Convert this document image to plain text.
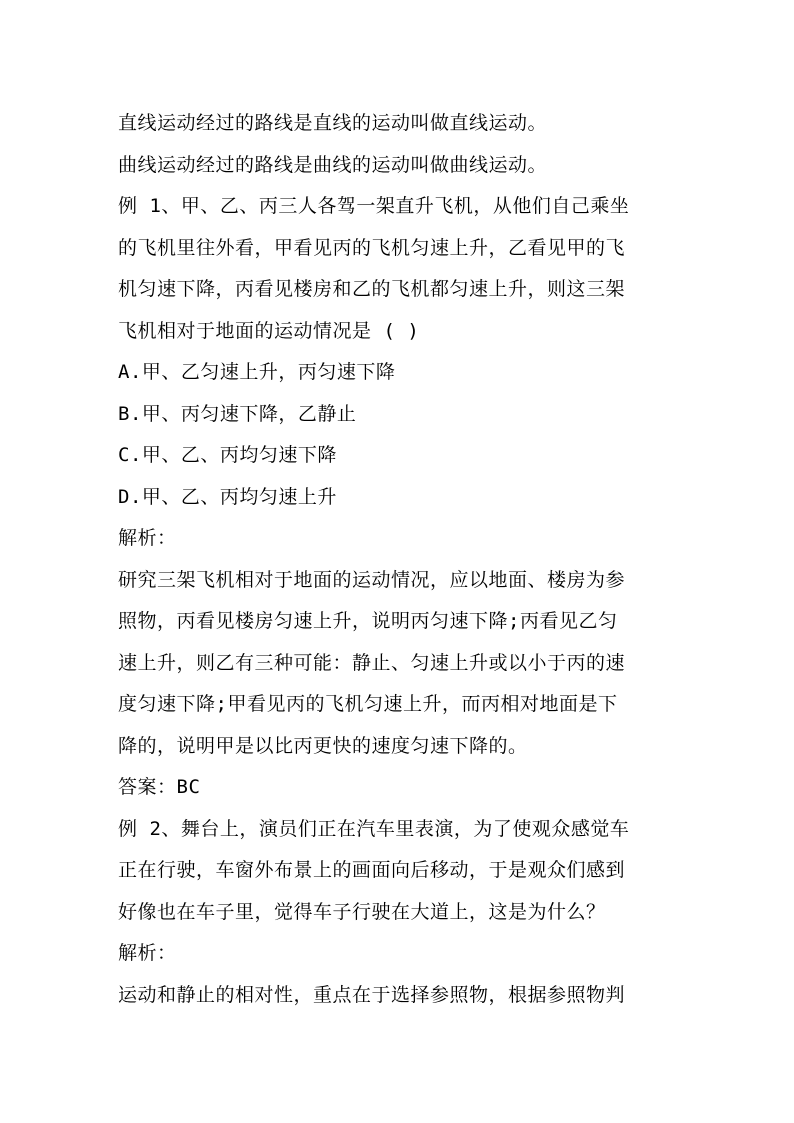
直线运动经过的路线是直线的运动叫做直线运动。
曲线运动经过的路线是曲线的运动叫做曲线运动。
例 1、甲、乙、丙三人各驾一架直升飞机，从他们自己乘坐
的飞机里往外看，甲看见丙的飞机匀速上升，乙看见甲的飞
机匀速下降，丙看见楼房和乙的飞机都匀速上升，则这三架
飞机相对于地面的运动情况是 ( )
A.甲、乙匀速上升，丙匀速下降
B.甲、丙匀速下降，乙静止
C.甲、乙、丙均匀速下降
D.甲、乙、丙均匀速上升
解析：
研究三架飞机相对于地面的运动情况，应以地面、楼房为参
照物，丙看见楼房匀速上升，说明丙匀速下降;丙看见乙匀
速上升，则乙有三种可能：静止、匀速上升或以小于丙的速
度匀速下降;甲看见丙的飞机匀速上升，而丙相对地面是下
降的，说明甲是以比丙更快的速度匀速下降的。
答案：BC
例 2、舞台上，演员们正在汽车里表演，为了使观众感觉车
正在行驶，车窗外布景上的画面向后移动，于是观众们感到
好像也在车子里，觉得车子行驶在大道上，这是为什么？
解析：
运动和静止的相对性，重点在于选择参照物，根据参照物判
